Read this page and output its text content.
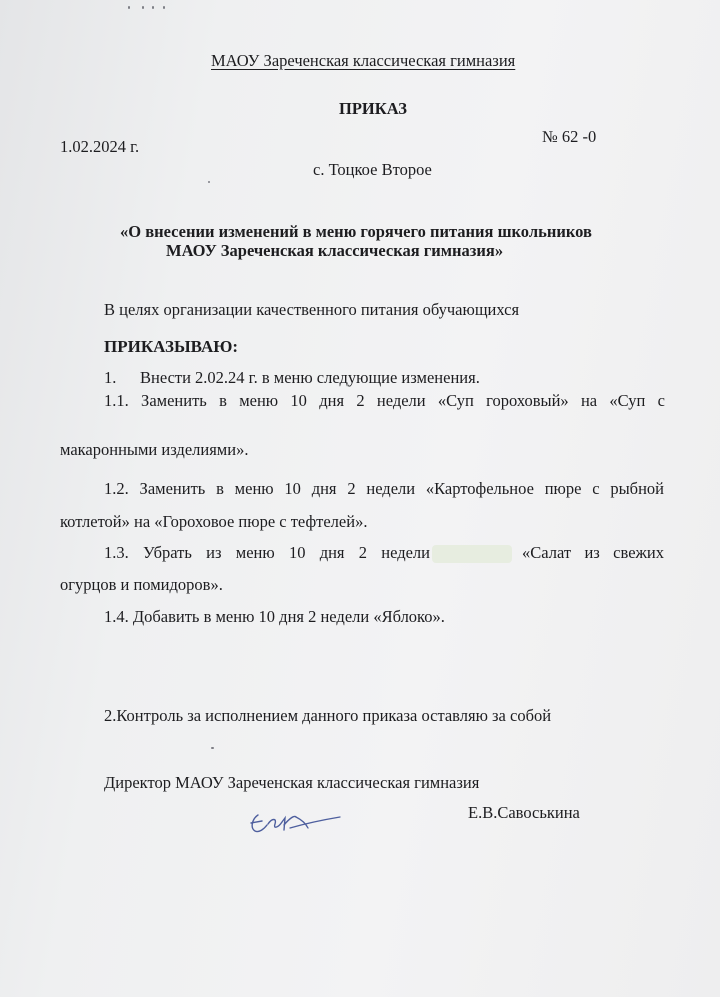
МАОУ Зареченская классическая гимназия

ПРИКАЗ

1.02.2024 г.

№ 62 -0

с. Тоцкое Второе

«О внесении изменений в меню горячего питания школьников

МАОУ Зареченская классическая гимназия»

В целях организации качественного питания обучающихся

ПРИКАЗЫВАЮ:

1. Внести 2.02.24 г. в меню следующие изменения.

1.1. Заменить в меню 10 дня 2 недели «Суп гороховый» на «Суп с

макаронными изделиями».

1.2. Заменить в меню 10 дня 2 недели «Картофельное пюре с рыбной

котлетой» на «Гороховое пюре с тефтелей».

1.3. Убрать из меню 10 дня 2 недели	«Салат из свежих

огурцов и помидоров».

1.4. Добавить в меню 10 дня 2 недели «Яблоко».

2.Контроль за исполнением данного приказа оставляю за собой

Директор МАОУ Зареченская классическая гимназия

Е.В.Савоськина
